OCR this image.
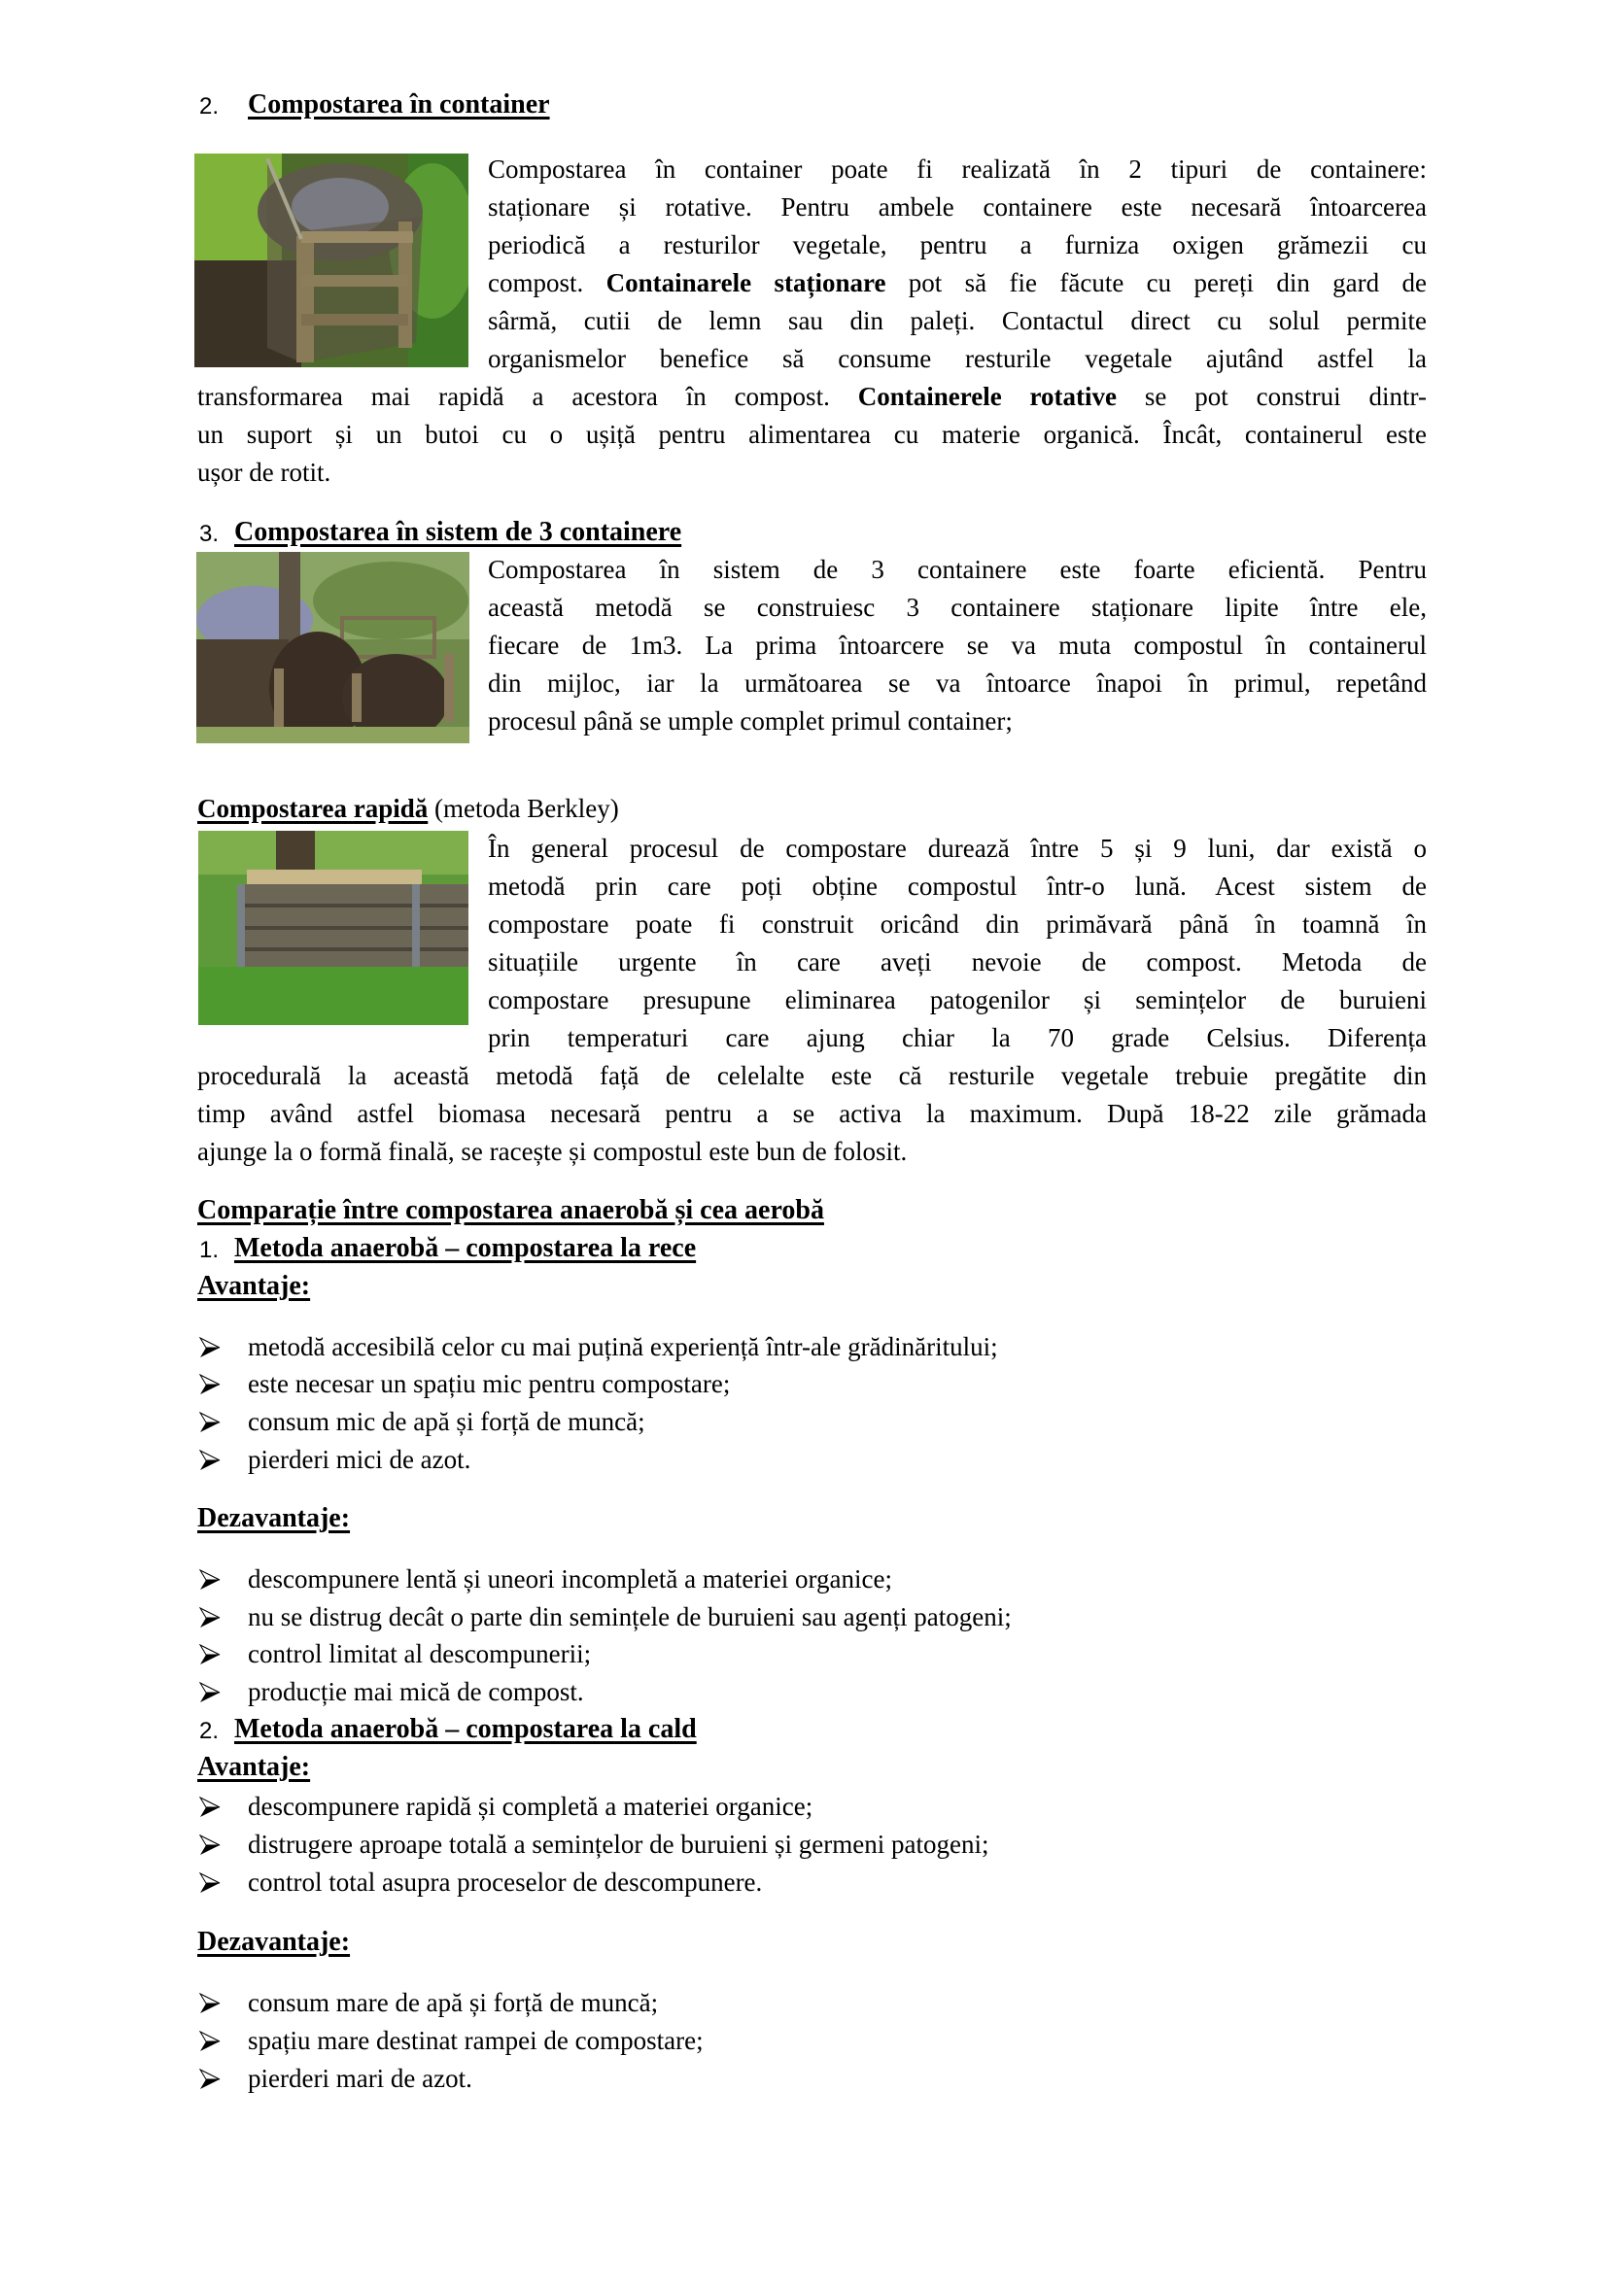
2. Compostarea în container
Compostarea în container poate fi realizată în 2 tipuri de containere:
staționare și rotative. Pentru ambele containere este necesară întoarcerea
periodică a resturilor vegetale, pentru a furniza oxigen grămezii cu
compost. Containarele staționare pot să fie făcute cu pereți din gard de
sârmă, cutii de lemn sau din paleți. Contactul direct cu solul permite
organismelor benefice să consume resturile vegetale ajutând astfel la
transformarea mai rapidă a acestora în compost. Containerele rotative se pot construi dintr-
un suport și un butoi cu o ușiță pentru alimentarea cu materie organică. Încât, containerul este
ușor de rotit.
3. Compostarea în sistem de 3 containere
Compostarea în sistem de 3 containere este foarte eficientă. Pentru
această metodă se construiesc 3 containere staționare lipite între ele,
fiecare de 1m3. La prima întoarcere se va muta compostul în containerul
din mijloc, iar la următoarea se va întoarce înapoi în primul, repetând
procesul până se umple complet primul container;
Compostarea rapidă (metoda Berkley)
În general procesul de compostare durează între 5 și 9 luni, dar există o
metodă prin care poți obține compostul într-o lună. Acest sistem de
compostare poate fi construit oricând din primăvară până în toamnă în
situațiile urgente în care aveți nevoie de compost. Metoda de
compostare presupune eliminarea patogenilor și semințelor de buruieni
prin temperaturi care ajung chiar la 70 grade Celsius. Diferența
procedurală la această metodă față de celelalte este că resturile vegetale trebuie pregătite din
timp având astfel biomasa necesară pentru a se activa la maximum. După 18-22 zile grămada
ajunge la o formă finală, se racește și compostul este bun de folosit.
Comparație între compostarea anaerobă și cea aerobă
1. Metoda anaerobă – compostarea la rece
Avantaje:
metodă accesibilă celor cu mai puțină experiență într-ale grădinăritului;
este necesar un spațiu mic pentru compostare;
consum mic de apă și forță de muncă;
pierderi mici de azot.
Dezavantaje:
descompunere lentă și uneori incompletă a materiei organice;
nu se distrug decât o parte din semințele de buruieni sau agenți patogeni;
control limitat al descompunerii;
producție mai mică de compost.
2. Metoda anaerobă – compostarea la cald
Avantaje:
descompunere rapidă și completă a materiei organice;
distrugere aproape totală a semințelor de buruieni și germeni patogeni;
control total asupra proceselor de descompunere.
Dezavantaje:
consum mare de apă și forță de muncă;
spațiu mare destinat rampei de compostare;
pierderi mari de azot.
